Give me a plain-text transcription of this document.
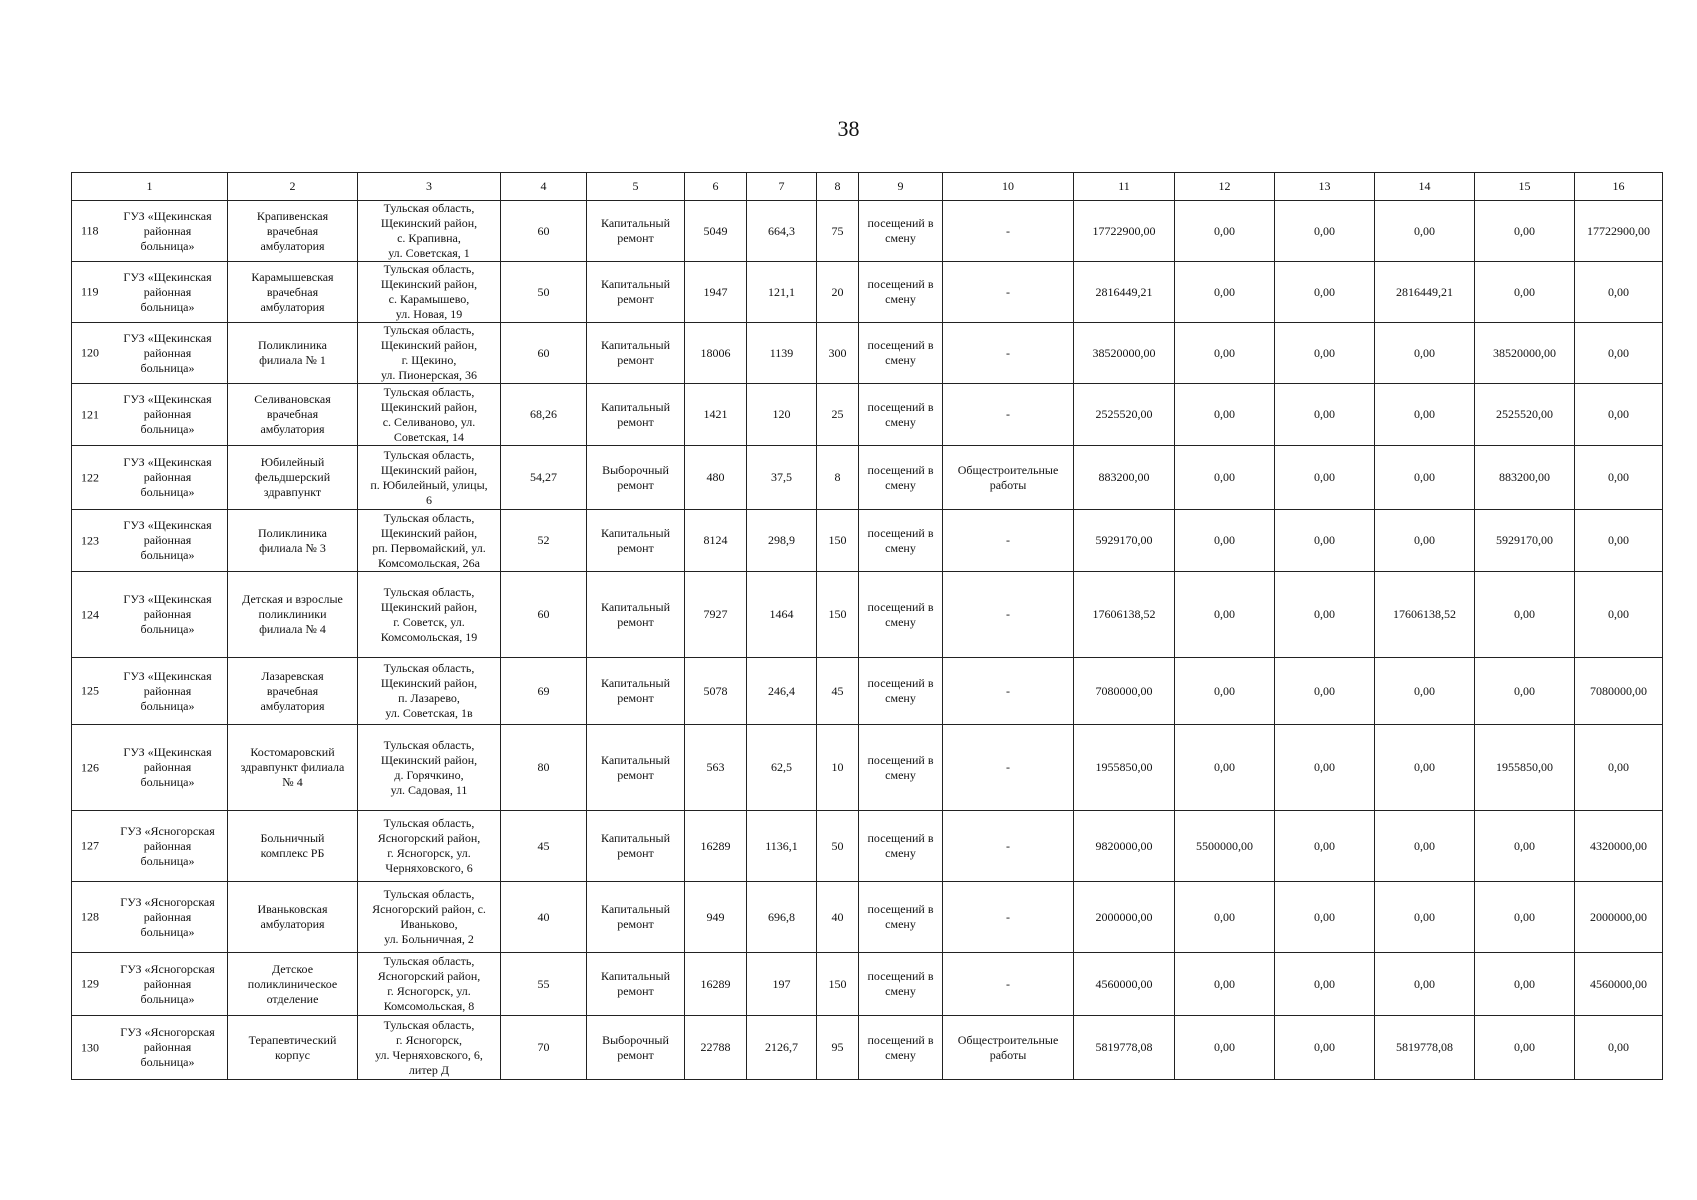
38
1	2	3	4	5	6	7	8	9	10	11	12	13	14	15	16

118
ГУЗ «Щекинская
районная
больница»	Крапивенская
врачебная
амбулатория	Тульская область,
Щекинский район,
с. Крапивна,
ул. Советская, 1	60	Капитальный
ремонт	5049	664,3	75	посещений в
смену	-	17722900,00	0,00	0,00	0,00	0,00	17722900,00

119
ГУЗ «Щекинская
районная
больница»	Карамышевская
врачебная
амбулатория	Тульская область,
Щекинский район,
с. Карамышево,
ул. Новая, 19	50	Капитальный
ремонт	1947	121,1	20	посещений в
смену	-	2816449,21	0,00	0,00	2816449,21	0,00	0,00

120
ГУЗ «Щекинская
районная
больница»	Поликлиника
филиала № 1	Тульская область,
Щекинский район,
г. Щекино,
ул. Пионерская, 36	60	Капитальный
ремонт	18006	1139	300	посещений в
смену	-	38520000,00	0,00	0,00	0,00	38520000,00	0,00

121
ГУЗ «Щекинская
районная
больница»	Селивановская
врачебная
амбулатория	Тульская область,
Щекинский район,
с. Селиваново, ул.
Советская, 14	68,26	Капитальный
ремонт	1421	120	25	посещений в
смену	-	2525520,00	0,00	0,00	0,00	2525520,00	0,00

122
ГУЗ «Щекинская
районная
больница»	Юбилейный
фельдшерский
здравпункт	Тульская область,
Щекинский район,
п. Юбилейный, улицы,
6	54,27	Выборочный
ремонт	480	37,5	8	посещений в
смену	Общестроительные
работы	883200,00	0,00	0,00	0,00	883200,00	0,00

123
ГУЗ «Щекинская
районная
больница»	Поликлиника
филиала № 3	Тульская область,
Щекинский район,
рп. Первомайский, ул.
Комсомольская, 26а	52	Капитальный
ремонт	8124	298,9	150	посещений в
смену	-	5929170,00	0,00	0,00	0,00	5929170,00	0,00

124
ГУЗ «Щекинская
районная
больница»	Детская и взрослые
поликлиники
филиала № 4	Тульская область,
Щекинский район,
г. Советск, ул.
Комсомольская, 19	60	Капитальный
ремонт	7927	1464	150	посещений в
смену	-	17606138,52	0,00	0,00	17606138,52	0,00	0,00

125
ГУЗ «Щекинская
районная
больница»	Лазаревская
врачебная
амбулатория	Тульская область,
Щекинский район,
п. Лазарево,
ул. Советская, 1в	69	Капитальный
ремонт	5078	246,4	45	посещений в
смену	-	7080000,00	0,00	0,00	0,00	0,00	7080000,00

126
ГУЗ «Щекинская
районная
больница»	Костомаровский
здравпункт филиала
№ 4	Тульская область,
Щекинский район,
д. Горячкино,
ул. Садовая, 11	80	Капитальный
ремонт	563	62,5	10	посещений в
смену	-	1955850,00	0,00	0,00	0,00	1955850,00	0,00

127
ГУЗ «Ясногорская
районная
больница»	Больничный
комплекс РБ	Тульская область,
Ясногорский район,
г. Ясногорск, ул.
Черняховского, 6	45	Капитальный
ремонт	16289	1136,1	50	посещений в
смену	-	9820000,00	5500000,00	0,00	0,00	0,00	4320000,00

128
ГУЗ «Ясногорская
районная
больница»	Иваньковская
амбулатория	Тульская область,
Ясногорский район, с.
Иваньково,
ул. Больничная, 2	40	Капитальный
ремонт	949	696,8	40	посещений в
смену	-	2000000,00	0,00	0,00	0,00	0,00	2000000,00

129
ГУЗ «Ясногорская
районная
больница»	Детское
поликлиническое
отделение	Тульская область,
Ясногорский район,
г. Ясногорск, ул.
Комсомольская, 8	55	Капитальный
ремонт	16289	197	150	посещений в
смену	-	4560000,00	0,00	0,00	0,00	0,00	4560000,00

130
ГУЗ «Ясногорская
районная
больница»	Терапевтический
корпус	Тульская область,
г. Ясногорск,
ул. Черняховского, 6,
литер Д	70	Выборочный
ремонт	22788	2126,7	95	посещений в
смену	Общестроительные
работы	5819778,08	0,00	0,00	5819778,08	0,00	0,00
